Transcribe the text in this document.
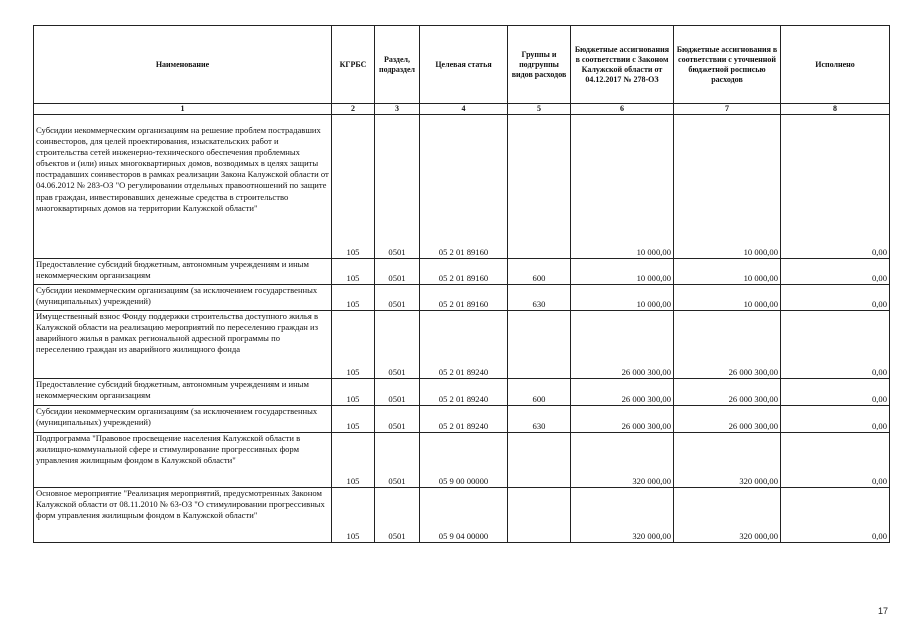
Наименование	КГРБС	Раздел, подраздел	Целевая статья	Группы и подгруппы видов расходов	Бюджетные ассигнования в соответствии с Законом Калужской области от 04.12.2017 № 278-ОЗ	Бюджетные ассигнования в соответствии с уточненной бюджетной росписью расходов	Исполнено
1	2	3	4	5	6	7	8
Субсидии некоммерческим организациям на решение проблем пострадавших соинвесторов, для целей проектирования, изыскательских работ и строительства сетей инженерно-технического обеспечения проблемных объектов и (или) иных многоквартирных домов, возводимых в целях защиты пострадавших соинвесторов в рамках реализации Закона Калужской области от 04.06.2012 № 283-ОЗ "О регулировании отдельных правоотношений по защите прав граждан, инвестировавших денежные средства в строительство многоквартирных домов на территории Калужской области"	105	0501	05 2 01 89160		10 000,00	10 000,00	0,00
Предоставление субсидий бюджетным, автономным учреждениям и иным некоммерческим организациям	105	0501	05 2 01 89160	600	10 000,00	10 000,00	0,00
Субсидии некоммерческим организациям (за исключением государственных (муниципальных) учреждений)	105	0501	05 2 01 89160	630	10 000,00	10 000,00	0,00
Имущественный взнос Фонду поддержки строительства доступного жилья в Калужской области на реализацию мероприятий по переселению граждан из аварийного жилья в рамках региональной адресной программы по переселению граждан из аварийного жилищного фонда	105	0501	05 2 01 89240		26 000 300,00	26 000 300,00	0,00
Предоставление субсидий бюджетным, автономным учреждениям и иным некоммерческим организациям	105	0501	05 2 01 89240	600	26 000 300,00	26 000 300,00	0,00
Субсидии некоммерческим организациям (за исключением государственных (муниципальных) учреждений)	105	0501	05 2 01 89240	630	26 000 300,00	26 000 300,00	0,00
Подпрограмма "Правовое просвещение населения Калужской области в жилищно-коммунальной сфере и стимулирование прогрессивных форм управления жилищным фондом в Калужской области"	105	0501	05 9 00 00000		320 000,00	320 000,00	0,00
Основное мероприятие "Реализация мероприятий, предусмотренных Законом Калужской области от 08.11.2010 № 63-ОЗ "О стимулировании прогрессивных форм управления жилищным фондом в Калужской области"	105	0501	05 9 04 00000		320 000,00	320 000,00	0,00
17
